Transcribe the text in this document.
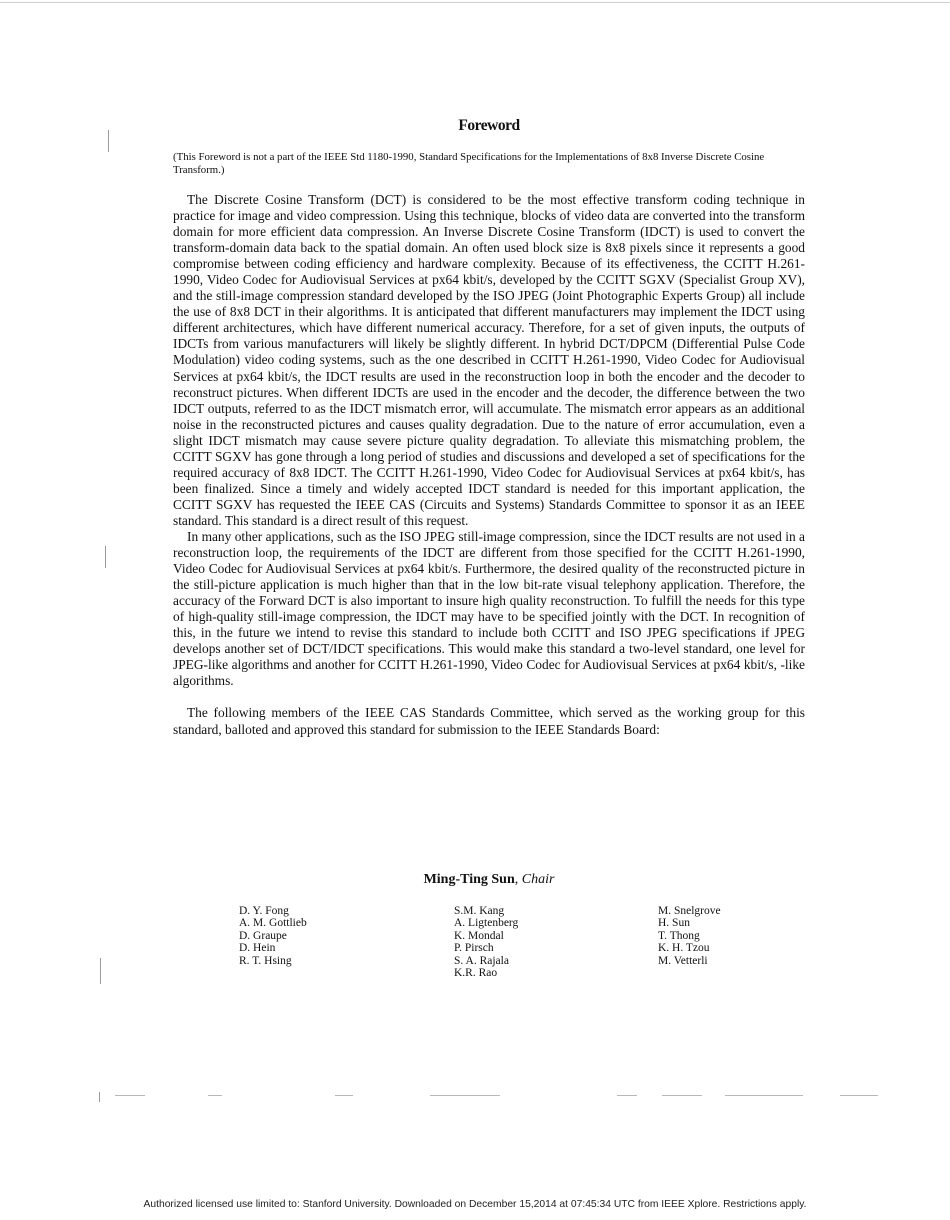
Foreword

(This Foreword is not a part of the IEEE Std 1180-1990, Standard Specifications for the Implementations of 8x8 Inverse Discrete Cosine Transform.)

The Discrete Cosine Transform (DCT) is considered to be the most effective transform coding technique in practice for image and video compression. Using this technique, blocks of video data are converted into the transform domain for more efficient data compression. An Inverse Discrete Cosine Transform (IDCT) is used to convert the transform-domain data back to the spatial domain. An often used block size is 8x8 pixels since it represents a good compromise between coding efficiency and hardware complexity. Because of its effectiveness, the CCITT H.261-1990, Video Codec for Audiovisual Services at px64 kbit/s, developed by the CCITT SGXV (Specialist Group XV), and the still-image compression standard developed by the ISO JPEG (Joint Photographic Experts Group) all include the use of 8x8 DCT in their algorithms. It is anticipated that different manufacturers may implement the IDCT using different architectures, which have different numerical accuracy. Therefore, for a set of given inputs, the outputs of IDCTs from various manufacturers will likely be slightly different. In hybrid DCT/DPCM (Differential Pulse Code Modulation) video coding systems, such as the one described in CCITT H.261-1990, Video Codec for Audiovisual Services at px64 kbit/s, the IDCT results are used in the reconstruction loop in both the encoder and the decoder to reconstruct pictures. When different IDCTs are used in the encoder and the decoder, the difference between the two IDCT outputs, referred to as the IDCT mismatch error, will accumulate. The mismatch error appears as an additional noise in the reconstructed pictures and causes quality degradation. Due to the nature of error accumulation, even a slight IDCT mismatch may cause severe picture quality degradation. To alleviate this mismatching problem, the CCITT SGXV has gone through a long period of studies and discussions and developed a set of specifications for the required accuracy of 8x8 IDCT. The CCITT H.261-1990, Video Codec for Audiovisual Services at px64 kbit/s, has been finalized. Since a timely and widely accepted IDCT standard is needed for this important application, the CCITT SGXV has requested the IEEE CAS (Circuits and Systems) Standards Committee to sponsor it as an IEEE standard. This standard is a direct result of this request.

In many other applications, such as the ISO JPEG still-image compression, since the IDCT results are not used in a reconstruction loop, the requirements of the IDCT are different from those specified for the CCITT H.261-1990, Video Codec for Audiovisual Services at px64 kbit/s. Furthermore, the desired quality of the reconstructed picture in the still-picture application is much higher than that in the low bit-rate visual telephony application. Therefore, the accuracy of the Forward DCT is also important to insure high quality reconstruction. To fulfill the needs for this type of high-quality still-image compression, the IDCT may have to be specified jointly with the DCT. In recognition of this, in the future we intend to revise this standard to include both CCITT and ISO JPEG specifications if JPEG develops another set of DCT/IDCT specifications. This would make this standard a two-level standard, one level for JPEG-like algorithms and another for CCITT H.261-1990, Video Codec for Audiovisual Services at px64 kbit/s, -like algorithms.

The following members of the IEEE CAS Standards Committee, which served as the working group for this standard, balloted and approved this standard for submission to the IEEE Standards Board:

Ming-Ting Sun, Chair
D. Y. Fong
A. M. Gottlieb
D. Graupe
D. Hein
R. T. Hsing
S.M. Kang
A. Ligtenberg
K. Mondal
P. Pirsch
S. A. Rajala
K.R. Rao
M. Snelgrove
H. Sun
T. Thong
K. H. Tzou
M. Vetterli
Authorized licensed use limited to: Stanford University. Downloaded on December 15,2014 at 07:45:34 UTC from IEEE Xplore. Restrictions apply.
